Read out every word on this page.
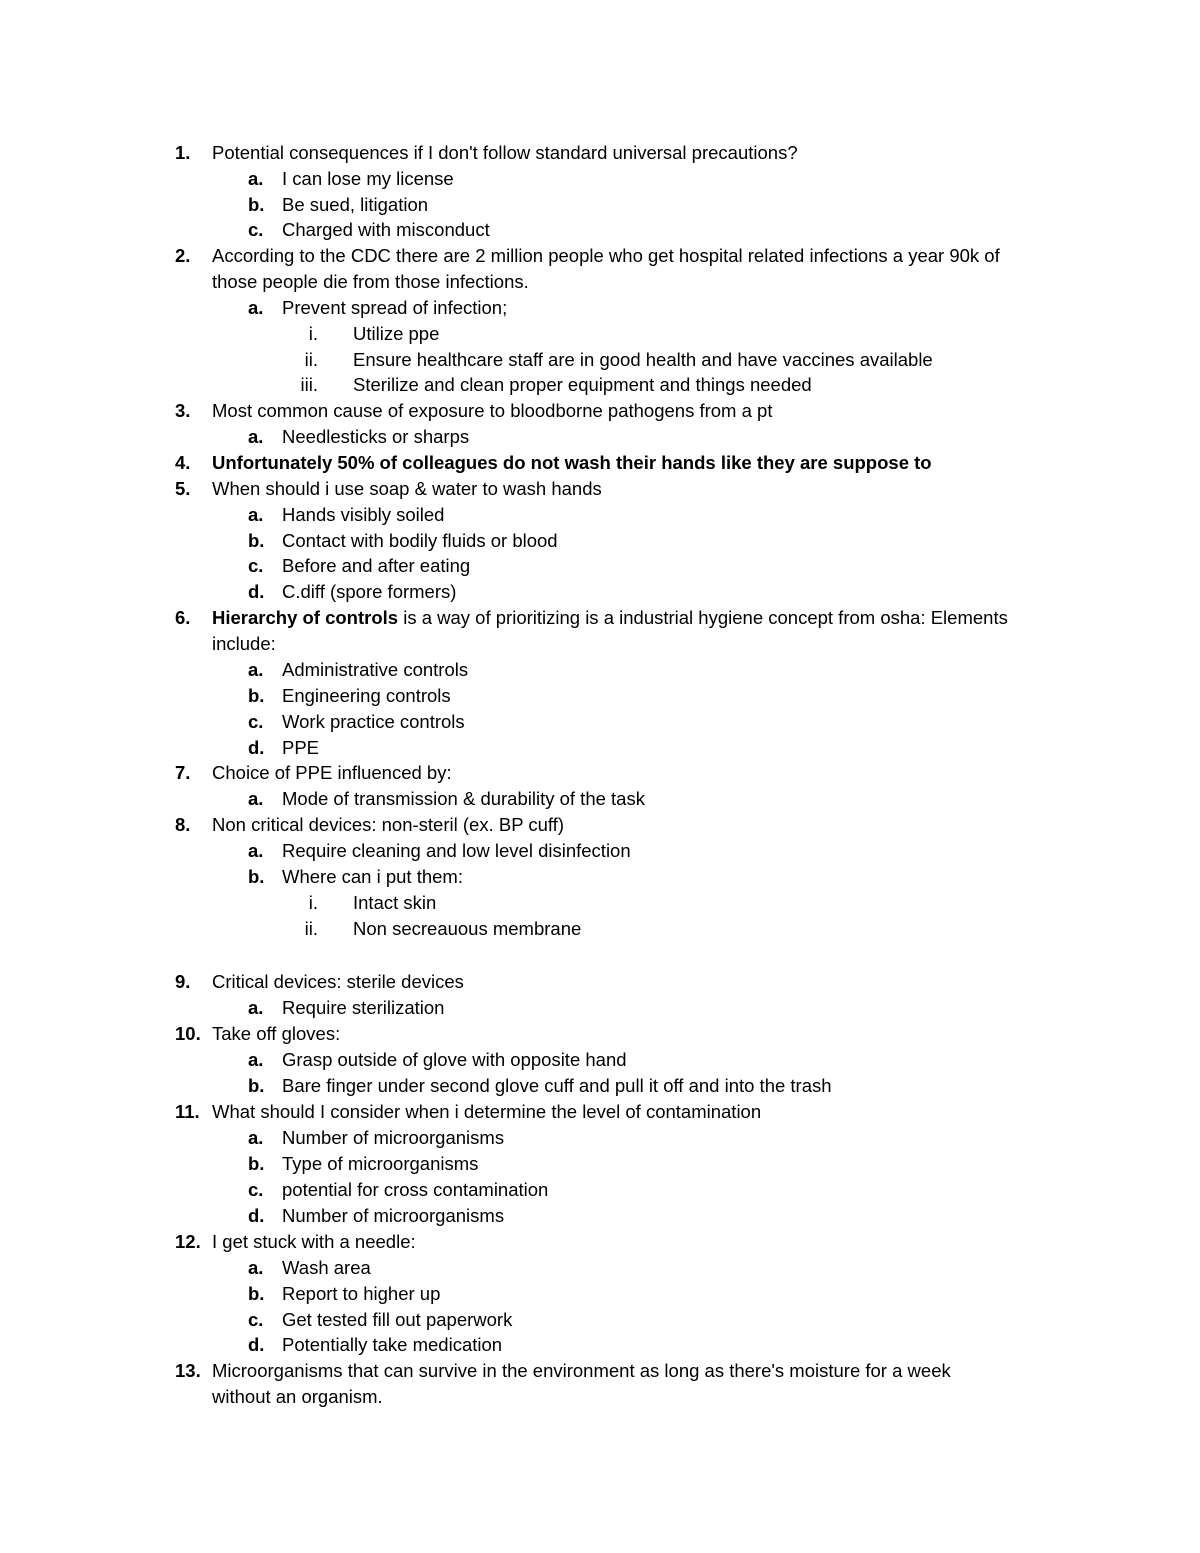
1. Potential consequences if I don't follow standard universal precautions?
a. I can lose my license
b. Be sued, litigation
c. Charged with misconduct
2. According to the CDC there are 2 million people who get hospital related infections a year 90k of
those people die from those infections.
a. Prevent spread of infection;
i. Utilize ppe
ii. Ensure healthcare staff are in good health and have vaccines available
iii. Sterilize and clean proper equipment and things needed
3. Most common cause of exposure to bloodborne pathogens from a pt
a. Needlesticks or sharps
4. Unfortunately 50% of colleagues do not wash their hands like they are suppose to
5. When should i use soap & water to wash hands
a. Hands visibly soiled
b. Contact with bodily fluids or blood
c. Before and after eating
d. C.diff (spore formers)
6. Hierarchy of controls is a way of prioritizing is a industrial hygiene concept from osha: Elements
include:
a. Administrative controls
b. Engineering controls
c. Work practice controls
d. PPE
7. Choice of PPE influenced by:
a. Mode of transmission & durability of the task
8. Non critical devices: non-steril (ex. BP cuff)
a. Require cleaning and low level disinfection
b. Where can i put them:
i. Intact skin
ii. Non secreauous membrane
9. Critical devices: sterile devices
a. Require sterilization
10. Take off gloves:
a. Grasp outside of glove with opposite hand
b. Bare finger under second glove cuff and pull it off and into the trash
11. What should I consider when i determine the level of contamination
a. Number of microorganisms
b. Type of microorganisms
c. potential for cross contamination
d. Number of microorganisms
12. I get stuck with a needle:
a. Wash area
b. Report to higher up
c. Get tested fill out paperwork
d. Potentially take medication
13. Microorganisms that can survive in the environment as long as there's moisture for a week
without an organism.
